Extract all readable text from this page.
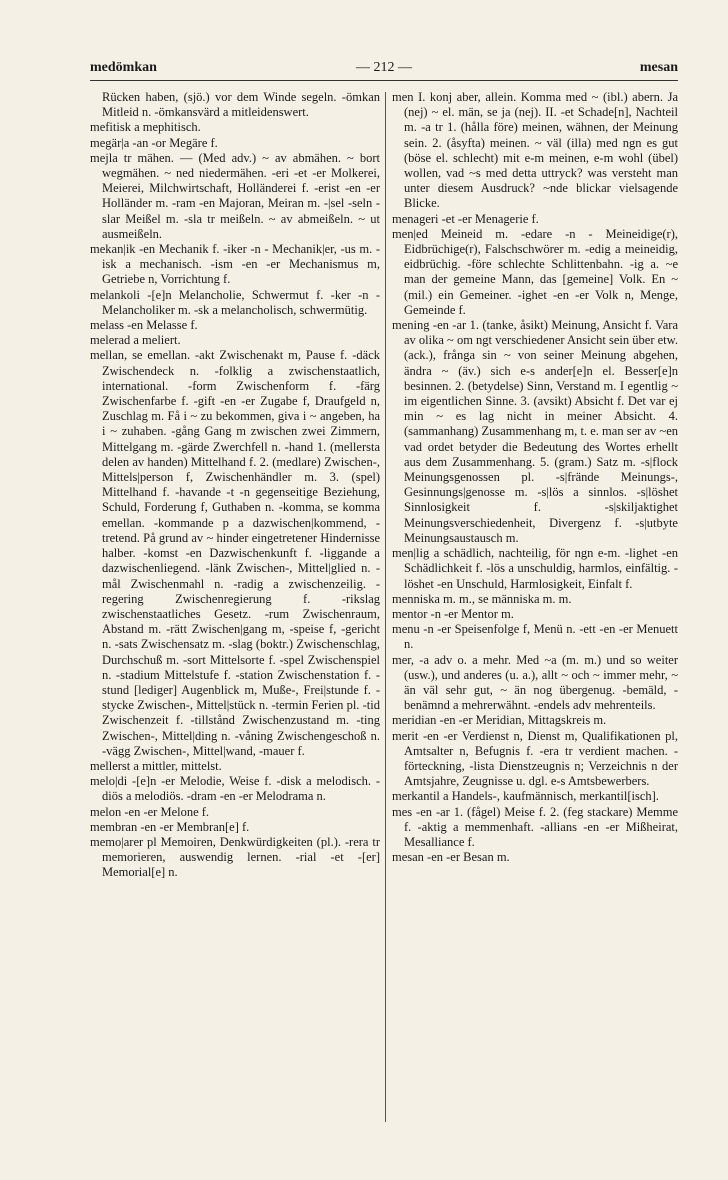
medömkan	— 212 —	mesan

Rücken haben, (sjö.) vor dem Winde segeln. -ömkan Mitleid n. -ömkansvärd a mitleidenswert.

mefitisk a mephitisch.

megär|a -an -or Megäre f.

mejla tr mähen. — (Med adv.) ~ av abmähen. ~ bort wegmähen. ~ ned niedermähen. -eri -et -er Molkerei, Meierei, Milchwirtschaft, Holländerei f. -erist -en -er Holländer m. -ram -en Majoran, Meiran m. -|sel -seln -slar Meißel m. -sla tr meißeln. ~ av abmeißeln. ~ ut ausmeißeln.

mekan|ik -en Mechanik f. -iker -n - Mechanik|er, -us m. -isk a mechanisch. -ism -en -er Mechanismus m, Getriebe n, Vorrichtung f.

melankoli -[e]n Melancholie, Schwermut f. -ker -n - Melancholiker m. -sk a melancholisch, schwermütig.

melass -en Melasse f.

melerad a meliert.

mellan, se emellan. -akt Zwischenakt m, Pause f. -däck Zwischendeck n. -folklig a zwischenstaatlich, international. -form Zwischenform f. -färg Zwischenfarbe f. -gift -en -er Zugabe f, Draufgeld n, Zuschlag m. Få i ~ zu bekommen, giva i ~ angeben, ha i ~ zuhaben. -gång Gang m zwischen zwei Zimmern, Mittelgang m. -gärde Zwerchfell n. -hand 1. (mellersta delen av handen) Mittelhand f. 2. (medlare) Zwischen-, Mittels|person f, Zwischenhändler m. 3. (spel) Mittelhand f. -havande -t -n gegenseitige Beziehung, Schuld, Forderung f, Guthaben n. -komma, se komma emellan. -kommande p a dazwischen|kommend, -tretend. På grund av ~ hinder eingetretener Hindernisse halber. -komst -en Dazwischenkunft f. -liggande a dazwischenliegend. -länk Zwischen-, Mittel|glied n. -mål Zwischenmahl n. -radig a zwischenzeilig. -regering Zwischenregierung f. -rikslag zwischenstaatliches Gesetz. -rum Zwischenraum, Abstand m. -rätt Zwischen|gang m, -speise f, -gericht n. -sats Zwischensatz m. -slag (boktr.) Zwischenschlag, Durchschuß m. -sort Mittelsorte f. -spel Zwischenspiel n. -stadium Mittelstufe f. -station Zwischenstation f. -stund [lediger] Augenblick m, Muße-, Frei|stunde f. -stycke Zwischen-, Mittel|stück n. -termin Ferien pl. -tid Zwischenzeit f. -tillstånd Zwischenzustand m. -ting Zwischen-, Mittel|ding n. -våning Zwischengeschoß n. -vägg Zwischen-, Mittel|wand, -mauer f.

mellerst a mittler, mittelst.

melo|di -[e]n -er Melodie, Weise f. -disk a melodisch. -diös a melodiös. -dram -en -er Melodrama n.

melon -en -er Melone f.

membran -en -er Membran[e] f.

memo|arer pl Memoiren, Denkwürdigkeiten (pl.). -rera tr memorieren, auswendig lernen. -rial -et -[er] Memorial[e] n.

men I. konj aber, allein. Komma med ~ (ibl.) abern. Ja (nej) ~ el. män, se ja (nej). II. -et Schade[n], Nachteil m. -a tr 1. (hålla före) meinen, wähnen, der Meinung sein. 2. (åsyfta) meinen. ~ väl (illa) med ngn es gut (böse el. schlecht) mit e-m meinen, e-m wohl (übel) wollen, vad ~s med detta uttryck? was versteht man unter diesem Ausdruck? ~nde blickar vielsagende Blicke.

menageri -et -er Menagerie f.

men|ed Meineid m. -edare -n - Meineidige(r), Eidbrüchige(r), Falschschwörer m. -edig a meineidig, eidbrüchig. -före schlechte Schlittenbahn. -ig a. ~e man der gemeine Mann, das [gemeine] Volk. En ~ (mil.) ein Gemeiner. -ighet -en -er Volk n, Menge, Gemeinde f.

mening -en -ar 1. (tanke, åsikt) Meinung, Ansicht f. Vara av olika ~ om ngt verschiedener Ansicht sein über etw. (ack.), frånga sin ~ von seiner Meinung abgehen, ändra ~ (äv.) sich e-s ander[e]n el. Besser[e]n besinnen. 2. (betydelse) Sinn, Verstand m. I egentlig ~ im eigentlichen Sinne. 3. (avsikt) Absicht f. Det var ej min ~ es lag nicht in meiner Absicht. 4. (sammanhang) Zusammenhang m, t. e. man ser av ~en vad ordet betyder die Bedeutung des Wortes erhellt aus dem Zusammenhang. 5. (gram.) Satz m. -s|flock Meinungsgenossen pl. -s|frände Meinungs-, Gesinnungs|genosse m. -s|lös a sinnlos. -s|löshet Sinnlosigkeit f. -s|skiljaktighet Meinungsverschiedenheit, Divergenz f. -s|utbyte Meinungsaustausch m.

men|lig a schädlich, nachteilig, för ngn e-m. -lighet -en Schädlichkeit f. -lös a unschuldig, harmlos, einfältig. -löshet -en Unschuld, Harmlosigkeit, Einfalt f.

menniska m. m., se människa m. m.

mentor -n -er Mentor m.

menu -n -er Speisenfolge f, Menü n. -ett -en -er Menuett n.

mer, -a adv o. a mehr. Med ~a (m. m.) und so weiter (usw.), und anderes (u. a.), allt ~ och ~ immer mehr, ~ än väl sehr gut, ~ än nog übergenug. -bemäld, -benämnd a mehrerwähnt. -endels adv mehrenteils.

meridian -en -er Meridian, Mittagskreis m.

merit -en -er Verdienst n, Dienst m, Qualifikationen pl, Amtsalter n, Befugnis f. -era tr verdient machen. -förteckning, -lista Dienstzeugnis n; Verzeichnis n der Amtsjahre, Zeugnisse u. dgl. e-s Amtsbewerbers.

merkantil a Handels-, kaufmännisch, merkantil[isch].

mes -en -ar 1. (fågel) Meise f. 2. (feg stackare) Memme f. -aktig a memmenhaft. -allians -en -er Mißheirat, Mesalliance f.

mesan -en -er Besan m.
